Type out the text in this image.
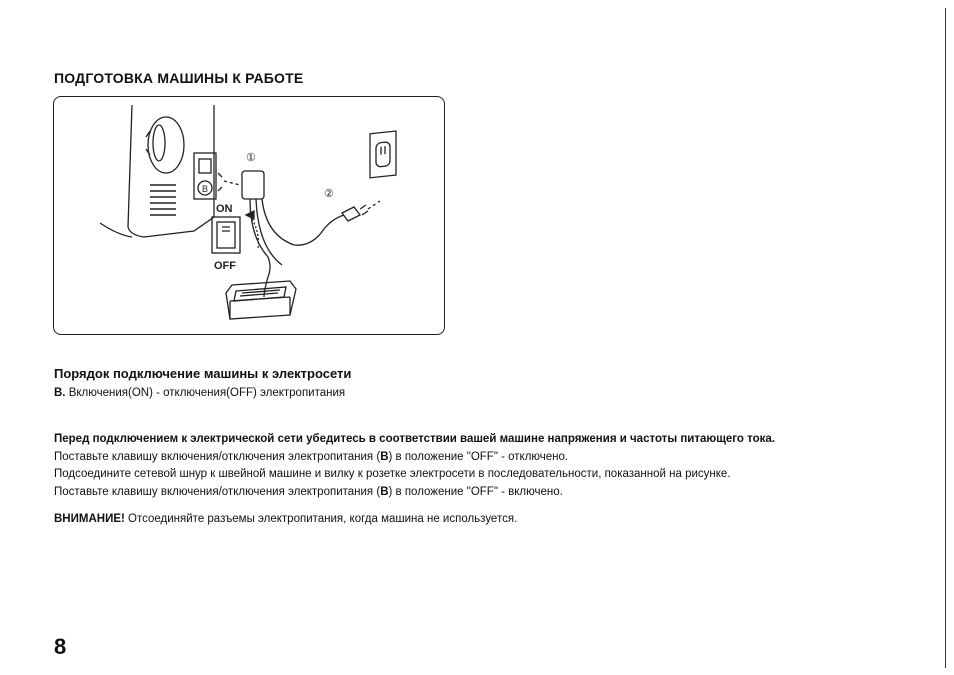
ПОДГОТОВКА МАШИНЫ К РАБОТЕ
①
②
B
ON
OFF
Порядок подключение машины к электросети
B. Включения(ON) - отключения(OFF) электропитания
Перед подключением к электрической сети убедитесь в соответствии вашей машине напряжения и частоты питающего тока.
Поставьте клавишу включения/отключения электропитания (B) в положение "OFF" - отключено.
Подсоедините сетевой шнур к швейной машине и вилку к розетке электросети в последовательности, показанной на рисунке.
Поставьте клавишу включения/отключения электропитания (B) в положение "OFF" - включено.
ВНИМАНИЕ! Отсоединяйте разъемы электропитания, когда машина не используется.
8
